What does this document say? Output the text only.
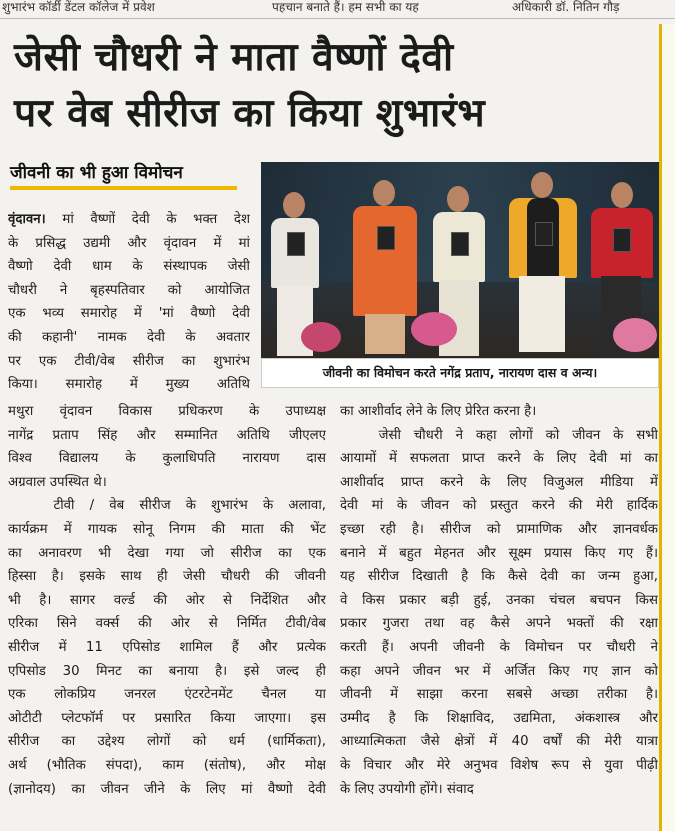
शुभारंभ कॉर्डी डेंटल कॉलेज में प्रवेश	पहचान बनाते हैं। हम सभी का यह	अधिकारी डॉ. नितिन गौड़
जेसी चौधरी ने माता वैष्णों देवी
पर वेब सीरीज का किया शुभारंभ
जीवनी का भी हुआ विमोचन
जीवनी का विमोचन करते नगेंद्र प्रताप, नारायण दास व अन्य।
वृंदावन। मां वैष्णों देवी के भक्त देश
के प्रसिद्ध उद्यमी और वृंदावन में मां
वैष्णो देवी धाम के संस्थापक जेसी
चौधरी ने बृहस्पतिवार को आयोजित
एक भव्य समारोह में 'मां वैष्णो देवी
की कहानी' नामक देवी के अवतार
पर एक टीवी/वेब सीरीज का शुभारंभ
किया। समारोह में मुख्य अतिथि
मथुरा वृंदावन विकास प्रधिकरण के उपाध्यक्ष
नागेंद्र प्रताप सिंह और सम्मानित अतिथि जीएलए
विश्व विद्यालय के कुलाधिपति नारायण दास
अग्रवाल उपस्थित थे।
टीवी / वेब सीरीज के शुभारंभ के अलावा,
कार्यक्रम में गायक सोनू निगम की माता की भेंट
का अनावरण भी देखा गया जो सीरीज का एक
हिस्सा है। इसके साथ ही जेसी चौधरी की जीवनी
भी है। सागर वर्ल्ड की ओर से निर्देशित और
एरिका सिने वर्क्स की ओर से निर्मित टीवी/वेब
सीरीज में 11 एपिसोड शामिल हैं और प्रत्येक
एपिसोड 30 मिनट का बनाया है। इसे जल्द ही
एक लोकप्रिय जनरल एंटरटेनमेंट चैनल या
ओटीटी प्लेटफॉर्म पर प्रसारित किया जाएगा। इस
सीरीज का उद्देश्य लोगों को धर्म (धार्मिकता),
अर्थ (भौतिक संपदा), काम (संतोष), और मोक्ष
(ज्ञानोदय) का जीवन जीने के लिए मां वैष्णो देवी
का आशीर्वाद लेने के लिए प्रेरित करना है।
जेसी चौधरी ने कहा लोगों को जीवन के सभी
आयामों में सफलता प्राप्त करने के लिए देवी मां का
आशीर्वाद प्राप्त करने के लिए विजुअल मीडिया में
देवी मां के जीवन को प्रस्तुत करने की मेरी हार्दिक
इच्छा रही है। सीरीज को प्रामाणिक और ज्ञानवर्धक
बनाने में बहुत मेहनत और सूक्ष्म प्रयास किए गए हैं।
यह सीरीज दिखाती है कि कैसे देवी का जन्म हुआ,
वे किस प्रकार बड़ी हुई, उनका चंचल बचपन किस
प्रकार गुजरा तथा वह कैसे अपने भक्तों की रक्षा
करती हैं। अपनी जीवनी के विमोचन पर चौधरी ने
कहा अपने जीवन भर में अर्जित किए गए ज्ञान को
जीवनी में साझा करना सबसे अच्छा तरीका है।
उम्मीद है कि शिक्षाविद, उद्यमिता, अंकशास्त्र और
आध्यात्मिकता जैसे क्षेत्रों में 40 वर्षों की मेरी यात्रा
के विचार और मेरे अनुभव विशेष रूप से युवा पीढ़ी
के लिए उपयोगी होंगे। संवाद
